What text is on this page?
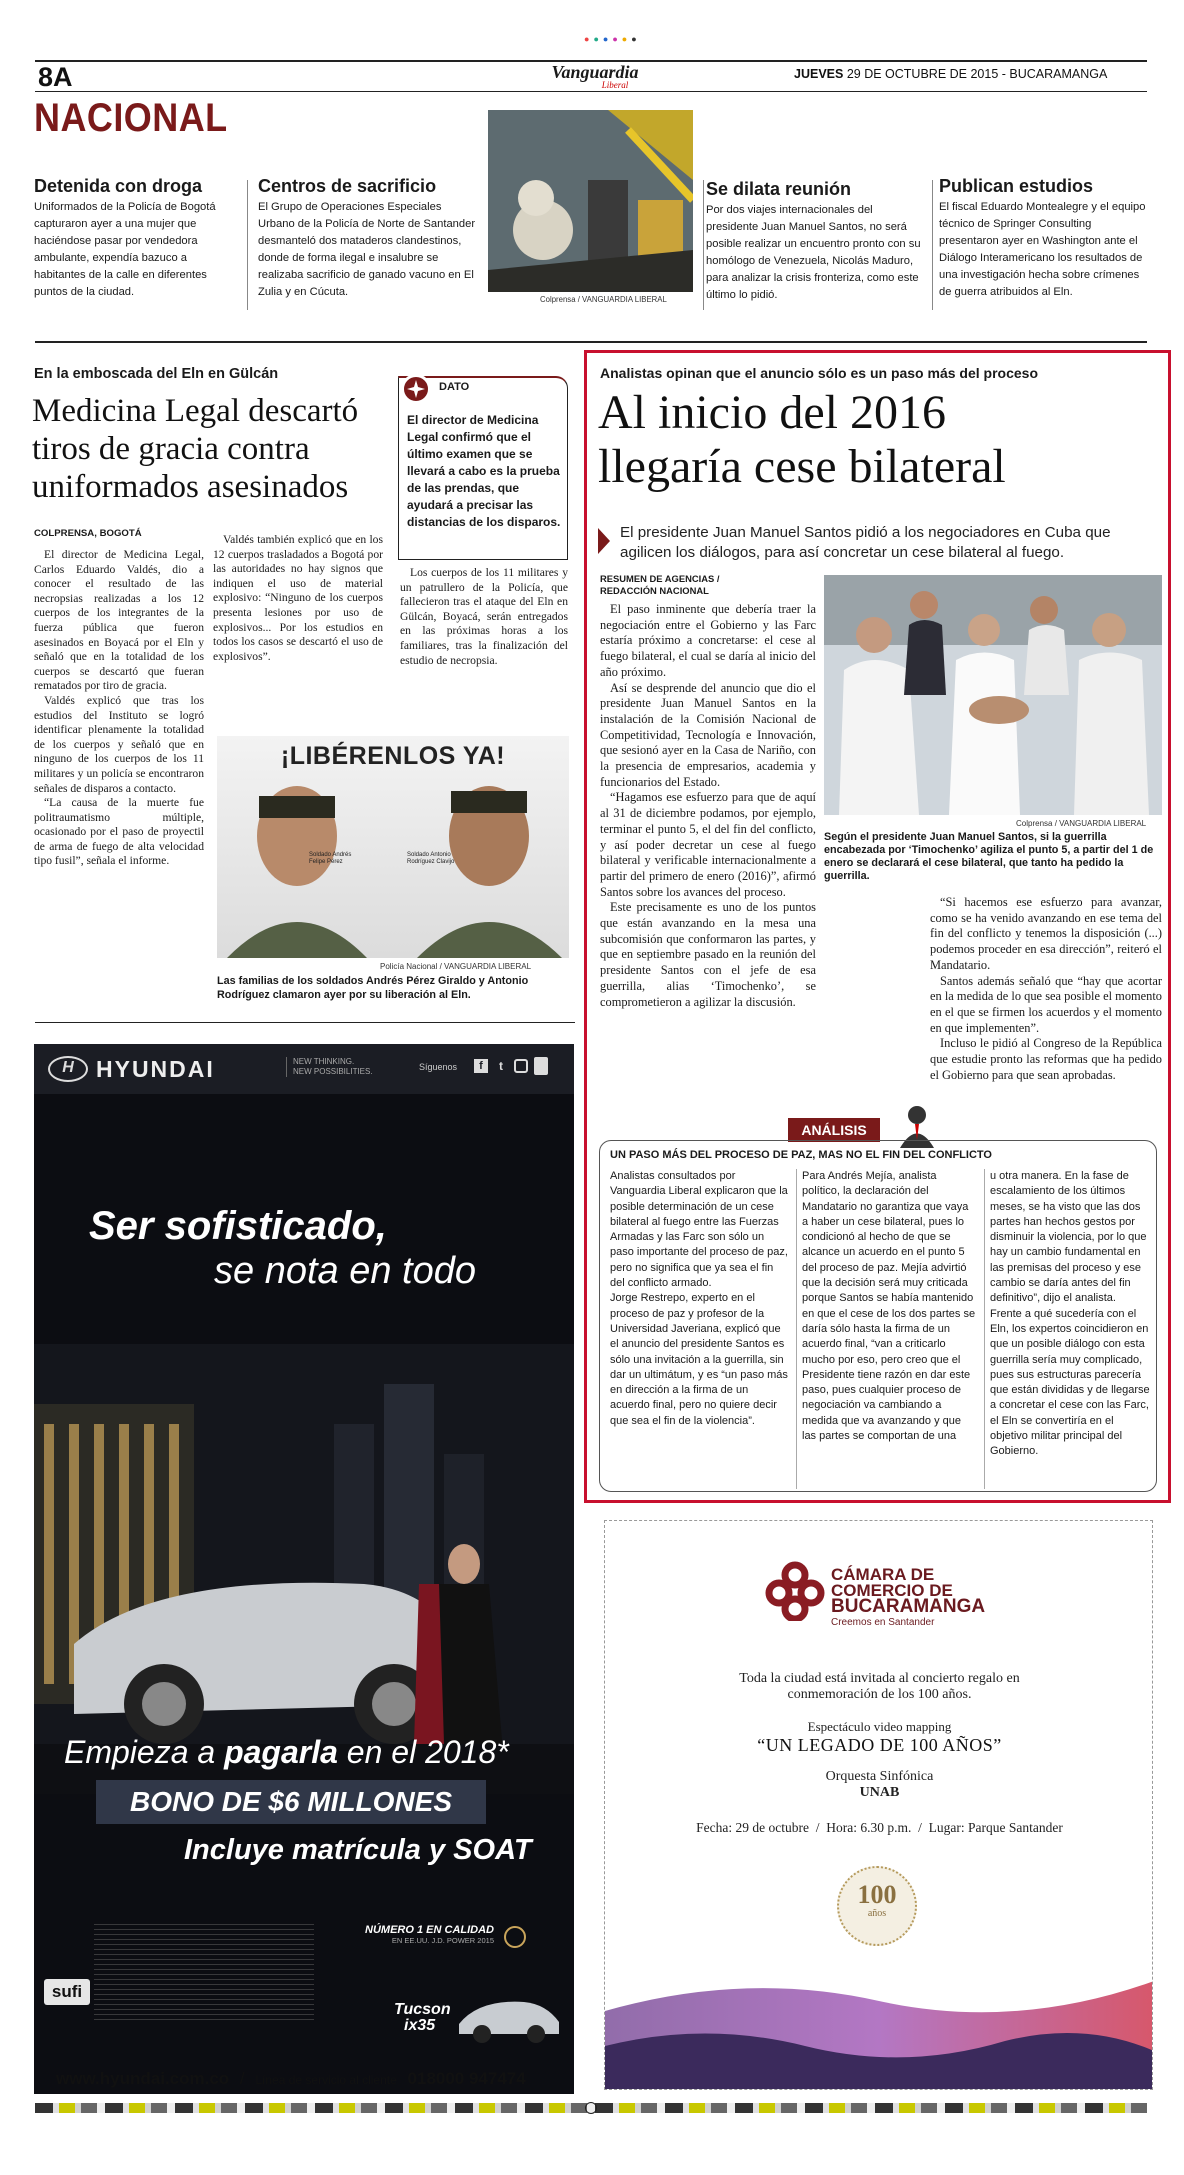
●●●●●●
8A	Vanguardia
Liberal
JUEVES 29 DE OCTUBRE DE 2015 - BUCARAMANGA
NACIONAL
Detenida con droga
Uniformados de la Policía de Bogotá capturaron ayer a una mujer que haciéndose pasar por vendedora ambulante, expendía bazuco a habitantes de la calle en diferentes puntos de la ciudad.
Centros de sacrificio
El Grupo de Operaciones Especiales Urbano de la Policía de Norte de Santander desmanteló dos mataderos clandestinos, donde de forma ilegal e insalubre se realizaba sacrificio de ganado vacuno en El Zulia y en Cúcuta.
Colprensa / VANGUARDIA LIBERAL
Se dilata reunión
Por dos viajes internacionales del presidente Juan Manuel Santos, no será posible realizar un encuentro pronto con su homólogo de Venezuela, Nicolás Maduro, para analizar la crisis fronteriza, como este último lo pidió.
Publican estudios
El fiscal Eduardo Montealegre y el equipo técnico de Springer Consulting presentaron ayer en Washington ante el Diálogo Interamericano los resultados de una investigación hecha sobre crímenes de guerra atribuidos al Eln.
En la emboscada del Eln en Gülcán
Medicina Legal descartó tiros de gracia contra uniformados asesinados
COLPRENSA, BOGOTÁ

El director de Medicina Legal, Carlos Eduardo Valdés, dio a conocer el resultado de las necropsias realizadas a los 12 cuerpos de los integrantes de la fuerza pública que fueron asesinados en Boyacá por el Eln y señaló que en la totalidad de los cuerpos se descartó que fueran rematados por tiro de gracia.

Valdés explicó que tras los estudios del Instituto se logró identificar plenamente la totalidad de los cuerpos y señaló que en ninguno de los cuerpos de los 11 militares y un policía se encontraron señales de disparos a contacto.

“La causa de la muerte fue politraumatismo múltiple, ocasionado por el paso de proyectil de arma de fuego de alta velocidad tipo fusil”, señala el informe.

Valdés también explicó que en los 12 cuerpos trasladados a Bogotá por las autoridades no hay signos que indiquen el uso de material explosivo: “Ninguno de los cuerpos presenta lesiones por uso de explosivos... Por los estudios en todos los casos se descartó el uso de explosivos”.

Los cuerpos de los 11 militares y un patrullero de la Policía, que fallecieron tras el ataque del Eln en Gülcán, Boyacá, serán entregados en las próximas horas a los familiares, tras la finalización del estudio de necropsia.

DATO
El director de Medicina Legal confirmó que el último examen que se llevará a cabo es la prueba de las prendas, que ayudará a precisar las distancias de los disparos.
¡LIBÉRENLOS YA!
Soldado Andrés Felipe Pérez
Soldado Antonio Rodríguez Clavijo
Policía Nacional / VANGUARDIA LIBERAL
Las familias de los soldados Andrés Pérez Giraldo y Antonio Rodríguez clamaron ayer por su liberación al Eln.
Analistas opinan que el anuncio sólo es un paso más del proceso
Al inicio del 2016
llegaría cese bilateral
El presidente Juan Manuel Santos pidió a los negociadores en Cuba que agilicen los diálogos, para así concretar un cese bilateral al fuego.
RESUMEN DE AGENCIAS /
REDACCIÓN NACIONAL

El paso inminente que debería traer la negociación entre el Gobierno y las Farc estaría próximo a concretarse: el cese al fuego bilateral, el cual se daría al inicio del año próximo.

Así se desprende del anuncio que dio el presidente Juan Manuel Santos en la instalación de la Comisión Nacional de Competitividad, Tecnología e Innovación, que sesionó ayer en la Casa de Nariño, con la presencia de empresarios, academia y funcionarios del Estado.

“Hagamos ese esfuerzo para que de aquí al 31 de diciembre podamos, por ejemplo, terminar el punto 5, el del fin del conflicto, y así poder decretar un cese al fuego bilateral y verificable internacionalmente a partir del primero de enero (2016)”, afirmó Santos sobre los avances del proceso.

Este precisamente es uno de los puntos que están avanzando en la mesa una subcomisión que conformaron las partes, y que en septiembre pasado en la reunión del presidente Santos con el jefe de esa guerrilla, alias ‘Timochenko’, se comprometieron a agilizar la discusión.

Colprensa / VANGUARDIA LIBERAL
Según el presidente Juan Manuel Santos, si la guerrilla encabezada por ‘Timochenko’ agiliza el punto 5, a partir del 1 de enero se declarará el cese bilateral, que tanto ha pedido la guerrilla.

“Si hacemos ese esfuerzo para avanzar, como se ha venido avanzando en ese tema del fin del conflicto y tenemos la disposición (...) podemos proceder en esa dirección”, reiteró el Mandatario.

Santos además señaló que “hay que acortar en la medida de lo que sea posible el momento en el que se firmen los acuerdos y el momento en que implementen”.

Incluso le pidió al Congreso de la República que estudie pronto las reformas que ha pedido el Gobierno para que sean aprobadas.

ANÁLISIS
UN PASO MÁS DEL PROCESO DE PAZ, MAS NO EL FIN DEL CONFLICTO
Analistas consultados por Vanguardia Liberal explicaron que la posible determinación de un cese bilateral al fuego entre las Fuerzas Armadas y las Farc son sólo un paso importante del proceso de paz, pero no significa que ya sea el fin del conflicto armado.
Jorge Restrepo, experto en el proceso de paz y profesor de la Universidad Javeriana, explicó que el anuncio del presidente Santos es sólo una invitación a la guerrilla, sin dar un ultimátum, y es “un paso más en dirección a la firma de un acuerdo final, pero no quiere decir que sea el fin de la violencia”.
Para Andrés Mejía, analista político, la declaración del Mandatario no garantiza que vaya a haber un cese bilateral, pues lo condicionó al hecho de que se alcance un acuerdo en el punto 5 del proceso de paz. Mejía advirtió que la decisión será muy criticada porque Santos se había mantenido en que el cese de los dos partes se daría sólo hasta la firma de un acuerdo final, “van a criticarlo mucho por eso, pero creo que el Presidente tiene razón en dar este paso, pues cualquier proceso de negociación va cambiando a medida que va avanzando y que las partes se comportan de una
u otra manera. En la fase de escalamiento de los últimos meses, se ha visto que las dos partes han hechos gestos por disminuir la violencia, por lo que hay un cambio fundamental en las premisas del proceso y ese cambio se daría antes del fin definitivo”, dijo el analista.
Frente a qué sucedería con el Eln, los expertos coincidieron en que un posible diálogo con esta guerrilla sería muy complicado, pues sus estructuras parecería que están divididas y de llegarse a concretar el cese con las Farc, el Eln se convertiría en el objetivo militar principal del Gobierno.
H HYUNDAI	NEW THINKING.
NEW POSSIBILITIES.	Síguenos	f	t
Ser sofisticado,
se nota en todo
Empieza a pagarla en el 2018*
BONO DE $6 MILLONES
Incluye matrícula y SOAT
sufi
NÚMERO 1 EN CALIDAD
EN EE.UU. J.D. POWER 2015
Tucson
ix35
www.hyundai.com.co / Línea de servicio al cliente 018000 947474
CÁMARA DE
COMERCIO DE
BUCARAMANGA
Creemos en Santander
Toda la ciudad está invitada al concierto regalo en
conmemoración de los 100 años.
Espectáculo video mapping
“UN LEGADO DE 100 AÑOS”
Orquesta Sinfónica
UNAB
Fecha: 29 de octubre  /  Hora: 6.30 p.m.  /  Lugar: Parque Santander
100
años
